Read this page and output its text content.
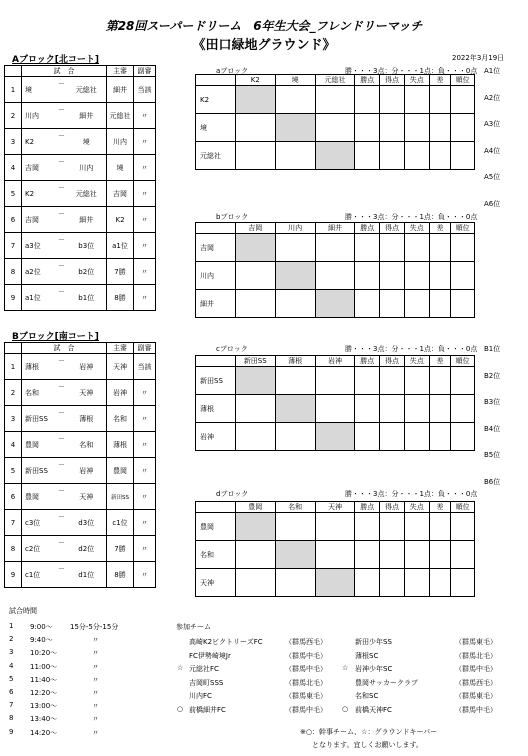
第28回スーパードリーム　6年生大会_フレンドリーマッチ
《田口緑地グラウンド》
2022年3月19日
Aブロック[北コート]
Bブロック[南コート]
	試　合			主審	副審
1	境	－	元総社	細井	当該
2	川内	－	細井	元総社	〃
3	K2	－	境	川内	〃
4	吉岡	－	川内	境	〃
5	K2	－	元総社	吉岡	〃
6	吉岡	－	細井	K2	〃
7	a3位	－	b3位	a1位	〃
8	a2位	－	b2位	7勝	〃
9	a1位	－	b1位	8勝	〃
	試　合			主審	副審
1	薄根	－	岩神	天神	当該
2	名和	－	天神	岩神	〃
3	新田SS	－	薄根	名和	〃
4	豊岡	－	名和	薄根	〃
5	新田SS	－	岩神	豊岡	〃
6	豊岡	－	天神	新田SS	〃
7	c3位	－	d3位	c1位	〃
8	c2位	－	d2位	7勝	〃
9	c1位	－	d1位	8勝	〃
aブロック	勝・・・3点：分・・・1点：負・・・0点
	K2	境	元総社	勝点	得点	失点	差	順位
K2								
境								
元総社								
bブロック	勝・・・3点：分・・・1点：負・・・0点
	吉岡	川内	細井	勝点	得点	失点	差	順位
吉岡								
川内								
細井								
cブロック	勝・・・3点：分・・・1点：負・・・0点
	新田SS	薄根	岩神	勝点	得点	失点	差	順位
新田SS								
薄根								
岩神								
dブロック	勝・・・3点：分・・・1点：負・・・0点
	豊岡	名和	天神	勝点	得点	失点	差	順位
豊岡								
名和								
天神								
A1位
A2位
A3位
A4位
A5位
A6位
B1位
B2位
B3位
B4位
B5位
B6位
試合時間
1 9:00～ 15分-5分-15分
2 9:40～	〃
3 10:20～	〃
4 11:00～	〃
5 11:40～	〃
6 12:20～	〃
7 13:00～	〃
8 13:40～	〃
9 14:20～	〃
参加チーム
高崎K2ビクトリーズFC	（群馬西毛）	新田少年SS	（群馬東毛）
FC伊勢崎境Jr	（群馬中毛）	薄根SC	（群馬北毛）
☆ 元総社FC	（群馬中毛） ☆ 岩神少年SC	（群馬中毛）
吉岡町SSS	（群馬北毛）	豊岡サッカークラブ	（群馬西毛）
川内FC	（群馬東毛）	名和SC	（群馬東毛）
○ 前橋細井FC	（群馬中毛） ○ 前橋天神FC	（群馬中毛）
※○：幹事チーム、☆：グラウンドキーパー
となります。宜しくお願いします。
